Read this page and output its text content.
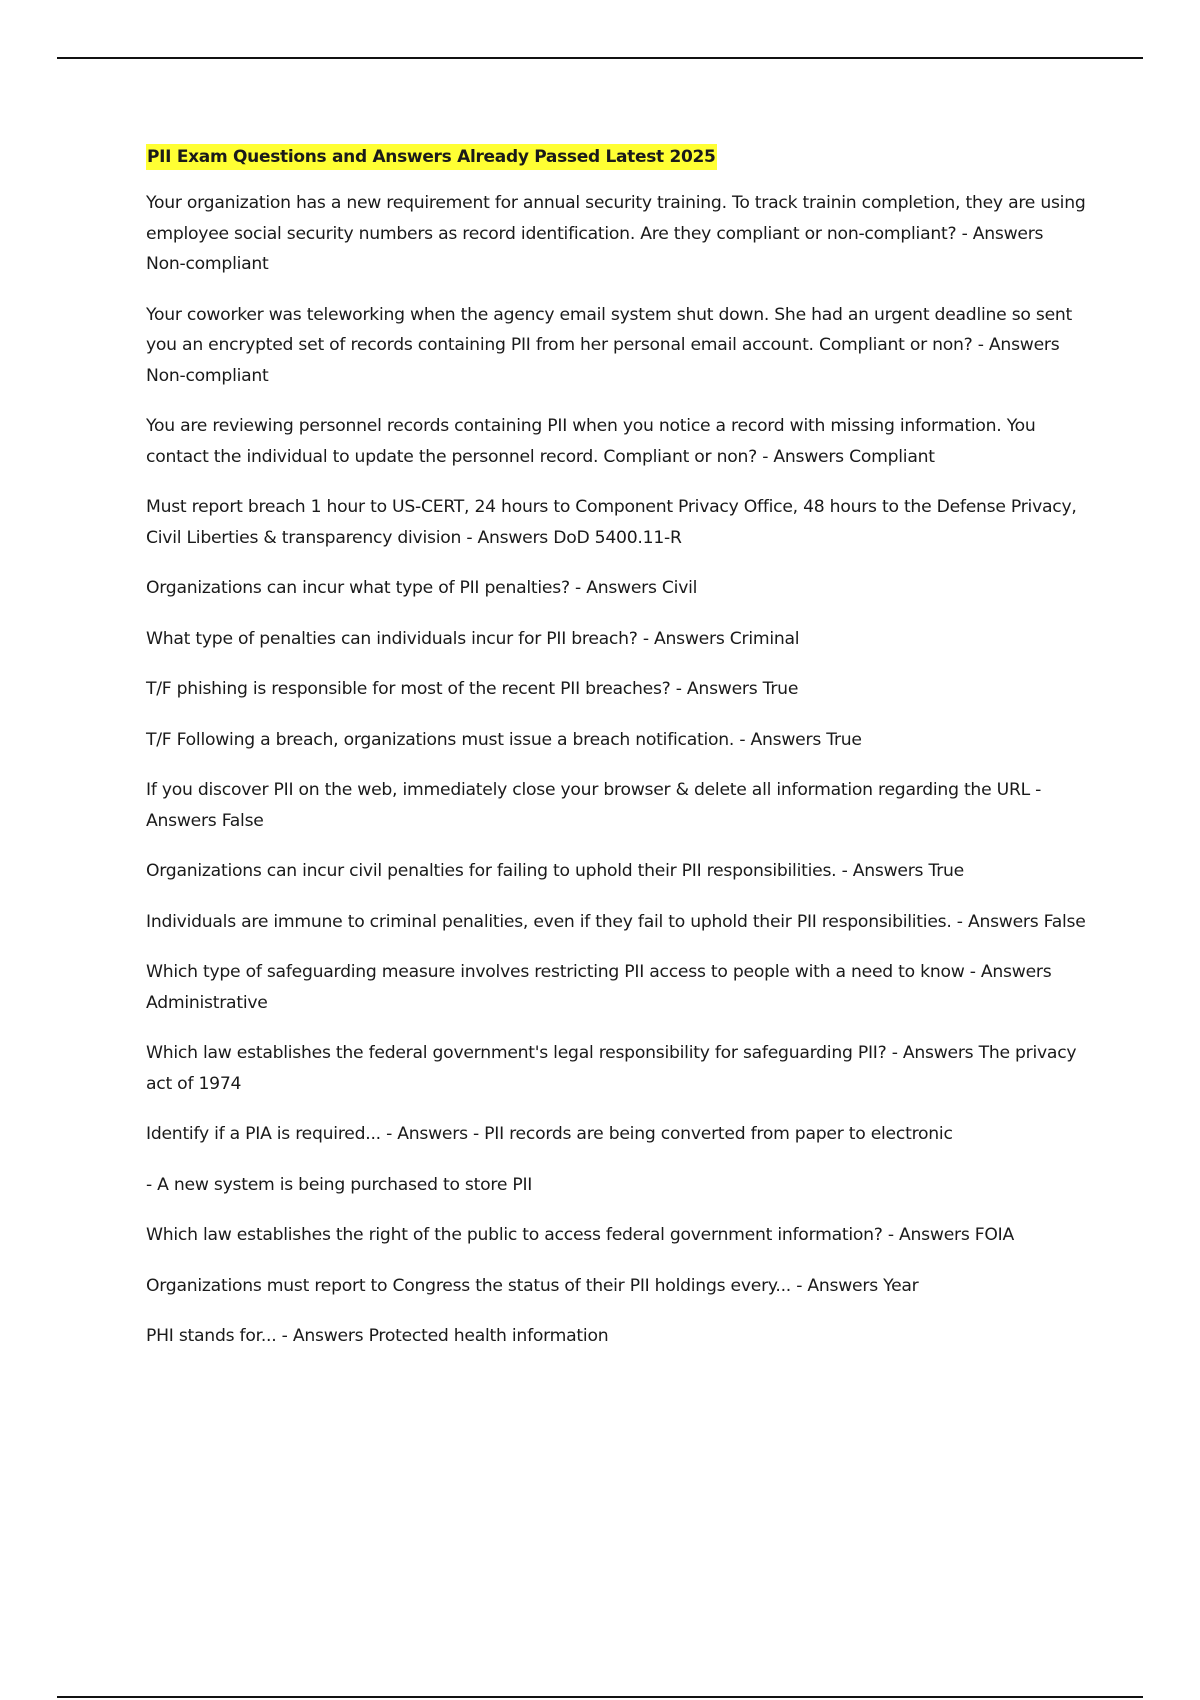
PII Exam Questions and Answers Already Passed Latest 2025

Your organization has a new requirement for annual security training. To track trainin completion, they are using employee social security numbers as record identification. Are they compliant or non-compliant? - Answers Non-compliant

Your coworker was teleworking when the agency email system shut down. She had an urgent deadline so sent you an encrypted set of records containing PII from her personal email account. Compliant or non? - Answers Non-compliant

You are reviewing personnel records containing PII when you notice a record with missing information. You contact the individual to update the personnel record. Compliant or non? - Answers Compliant

Must report breach 1 hour to US-CERT, 24 hours to Component Privacy Office, 48 hours to the Defense Privacy, Civil Liberties & transparency division - Answers DoD 5400.11-R

Organizations can incur what type of PII penalties? - Answers Civil

What type of penalties can individuals incur for PII breach? - Answers Criminal

T/F phishing is responsible for most of the recent PII breaches? - Answers True

T/F Following a breach, organizations must issue a breach notification. - Answers True

If you discover PII on the web, immediately close your browser & delete all information regarding the URL - Answers False

Organizations can incur civil penalties for failing to uphold their PII responsibilities. - Answers True

Individuals are immune to criminal penalities, even if they fail to uphold their PII responsibilities. - Answers False

Which type of safeguarding measure involves restricting PII access to people with a need to know - Answers Administrative

Which law establishes the federal government's legal responsibility for safeguarding PII? - Answers The privacy act of 1974

Identify if a PIA is required... - Answers - PII records are being converted from paper to electronic

- A new system is being purchased to store PII

Which law establishes the right of the public to access federal government information? - Answers FOIA

Organizations must report to Congress the status of their PII holdings every... - Answers Year

PHI stands for... - Answers Protected health information
